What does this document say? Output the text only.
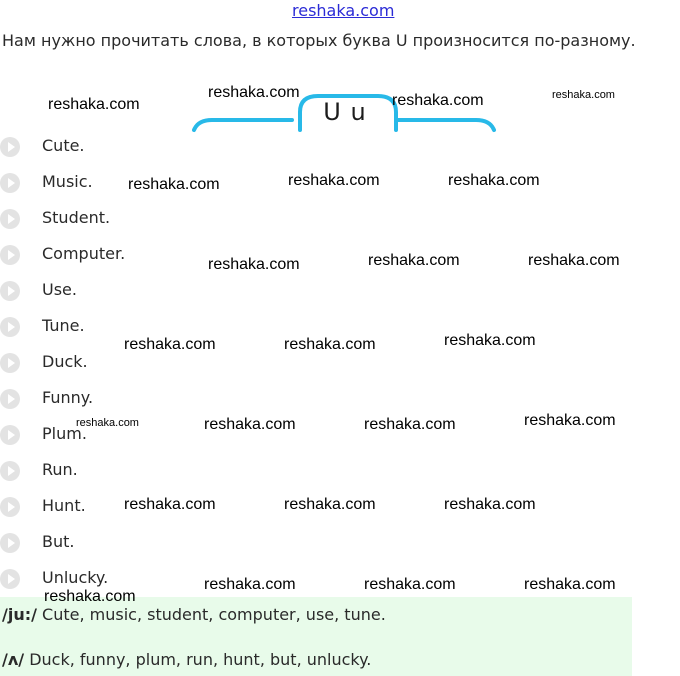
reshaka.com
Нам нужно прочитать слова, в которых буква U произносится по-разному.
U u
Cute.
Music.
Student.
Computer.
Use.
Tune.
Duck.
Funny.
Plum.
Run.
Hunt.
But.
Unlucky.
/ju:/ Cute, music, student, computer, use, tune.
/ʌ/ Duck, funny, plum, run, hunt, but, unlucky.
reshaka.com
reshaka.com	reshaka.com	reshaka.com
reshaka.com	reshaka.com	reshaka.com
reshaka.com	reshaka.com	reshaka.com
reshaka.com	reshaka.com	reshaka.com
reshaka.com	reshaka.com	reshaka.com	reshaka.com
reshaka.com	reshaka.com	reshaka.com
reshaka.com
reshaka.com	reshaka.com	reshaka.com
